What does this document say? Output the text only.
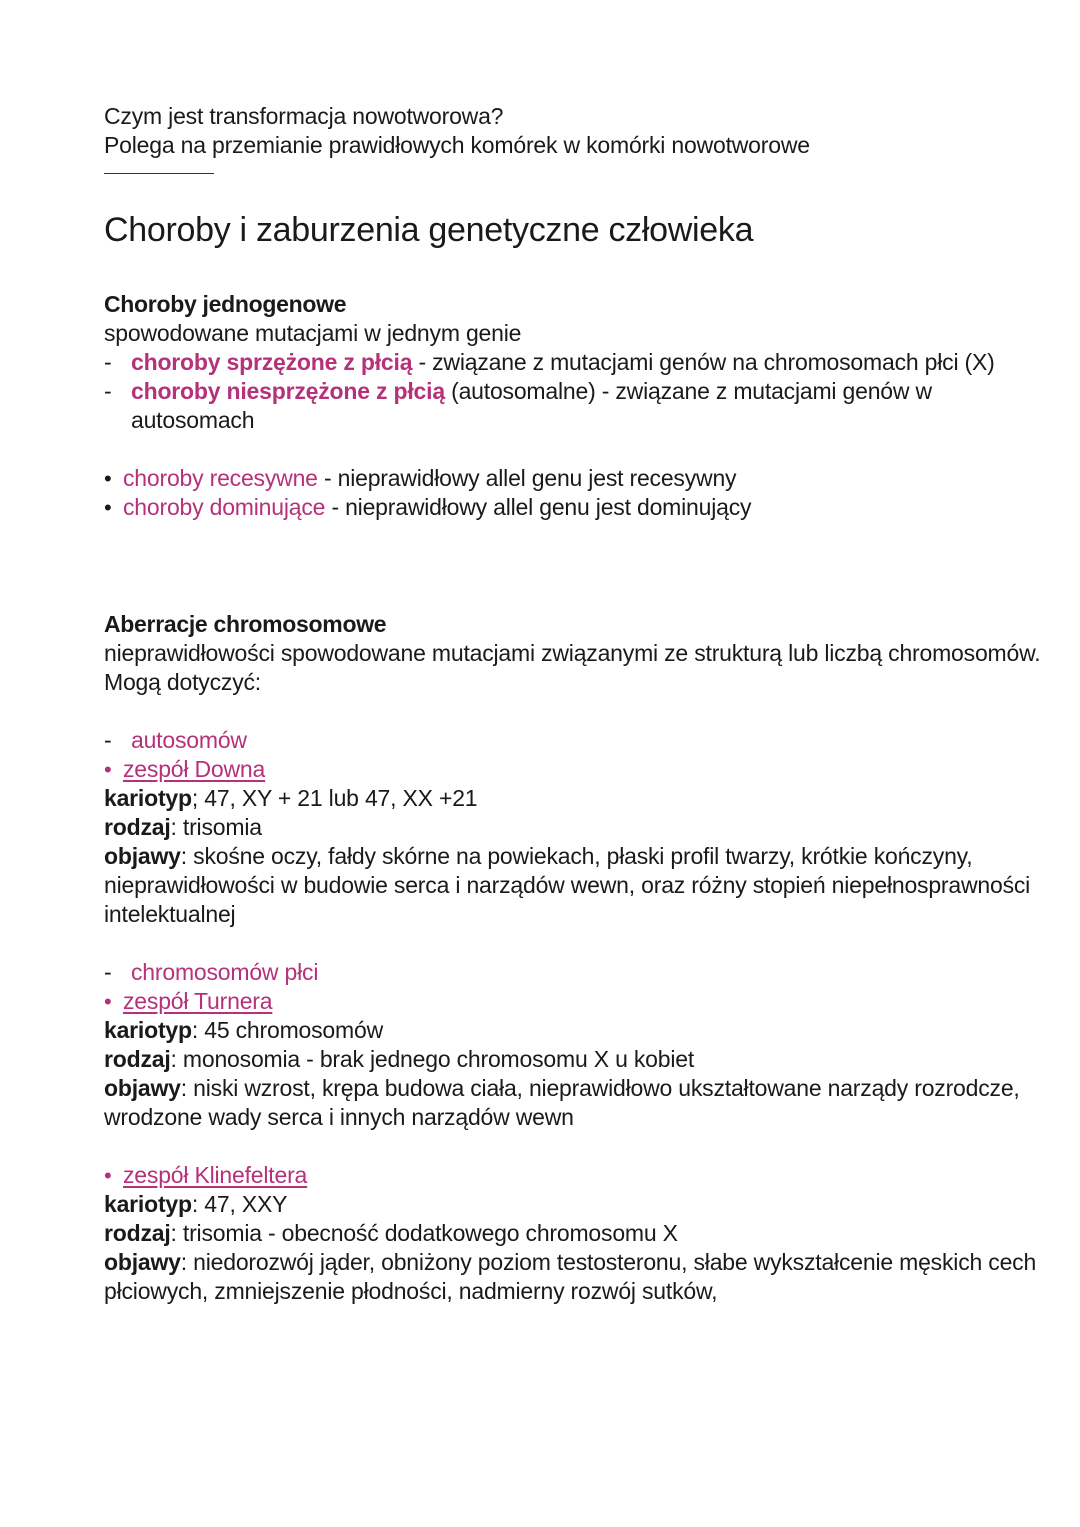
Czym jest transformacja nowotworowa?
Polega na przemianie prawidłowych komórek w komórki nowotworowe
Choroby i zaburzenia genetyczne człowieka
Choroby jednogenowe
spowodowane mutacjami w jednym genie
- choroby sprzężone z płcią - związane z mutacjami genów na chromosomach płci (X)
- choroby niesprzężone z płcią (autosomalne) - związane z mutacjami genów w
autosomach
• choroby recesywne - nieprawidłowy allel genu jest recesywny
• choroby dominujące - nieprawidłowy allel genu jest dominujący
Aberracje chromosomowe
nieprawidłowości spowodowane mutacjami związanymi ze strukturą lub liczbą chromosomów.
Mogą dotyczyć:
- autosomów
• zespół Downa
kariotyp; 47, XY + 21 lub 47, XX +21
rodzaj: trisomia
objawy: skośne oczy, fałdy skórne na powiekach, płaski profil twarzy, krótkie kończyny,
nieprawidłowości w budowie serca i narządów wewn, oraz różny stopień niepełnosprawności
intelektualnej
- chromosomów płci
• zespół Turnera
kariotyp: 45 chromosomów
rodzaj: monosomia - brak jednego chromosomu X u kobiet
objawy: niski wzrost, krępa budowa ciała, nieprawidłowo ukształtowane narządy rozrodcze,
wrodzone wady serca i innych narządów wewn
• zespół Klinefeltera
kariotyp: 47, XXY
rodzaj: trisomia - obecność dodatkowego chromosomu X
objawy: niedorozwój jąder, obniżony poziom testosteronu, słabe wykształcenie męskich cech
płciowych, zmniejszenie płodności, nadmierny rozwój sutków,
